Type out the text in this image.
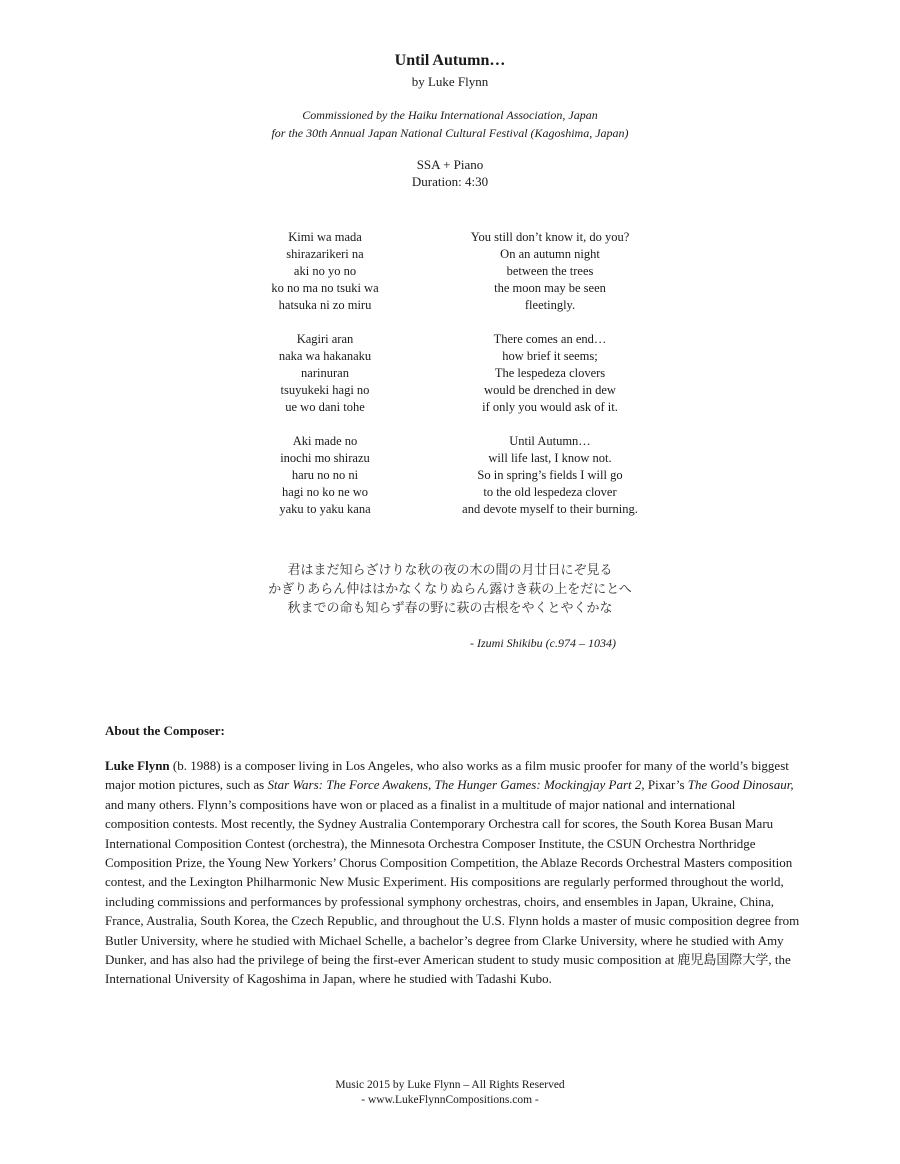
Until Autumn…
by Luke Flynn
Commissioned by the Haiku International Association, Japan
for the 30th Annual Japan National Cultural Festival (Kagoshima, Japan)
SSA + Piano
Duration: 4:30
Kimi wa mada
shirazarikeri na
aki no yo no
ko no ma no tsuki wa
hatsuka ni zo miru
Kagiri aran
naka wa hakanaku
narinuran
tsuyukeki hagi no
ue wo dani tohe
Aki made no
inochi mo shirazu
haru no no ni
hagi no ko ne wo
yaku to yaku kana
You still don’t know it, do you?
On an autumn night
between the trees
the moon may be seen
fleetingly.
There comes an end…
how brief it seems;
The lespedeza clovers
would be drenched in dew
if only you would ask of it.
Until Autumn…
will life last, I know not.
So in spring’s fields I will go
to the old lespedeza clover
and devote myself to their burning.
君はまだ知らざけりな秋の夜の木の間の月廿日にぞ見る
かぎりあらん仲ははかなくなりぬらん露けき萩の上をだにとへ
秋までの命も知らず春の野に萩の古根をやくとやくかな
- Izumi Shikibu (c.974 – 1034)
About the Composer:
Luke Flynn (b. 1988) is a composer living in Los Angeles, who also works as a film music proofer for many of the world’s biggest major motion pictures, such as Star Wars: The Force Awakens, The Hunger Games: Mockingjay Part 2, Pixar’s The Good Dinosaur, and many others. Flynn’s compositions have won or placed as a finalist in a multitude of major national and international composition contests. Most recently, the Sydney Australia Contemporary Orchestra call for scores, the South Korea Busan Maru International Composition Contest (orchestra), the Minnesota Orchestra Composer Institute, the CSUN Orchestra Northridge Composition Prize, the Young New Yorkers’ Chorus Composition Competition, the Ablaze Records Orchestral Masters composition contest, and the Lexington Philharmonic New Music Experiment. His compositions are regularly performed throughout the world, including commissions and performances by professional symphony orchestras, choirs, and ensembles in Japan, Ukraine, China, France, Australia, South Korea, the Czech Republic, and throughout the U.S. Flynn holds a master of music composition degree from Butler University, where he studied with Michael Schelle, a bachelor’s degree from Clarke University, where he studied with Amy Dunker, and has also had the privilege of being the first-ever American student to study music composition at 鹿児島国際大学, the International University of Kagoshima in Japan, where he studied with Tadashi Kubo.
Music 2015 by Luke Flynn – All Rights Reserved
- www.LukeFlynnCompositions.com -
